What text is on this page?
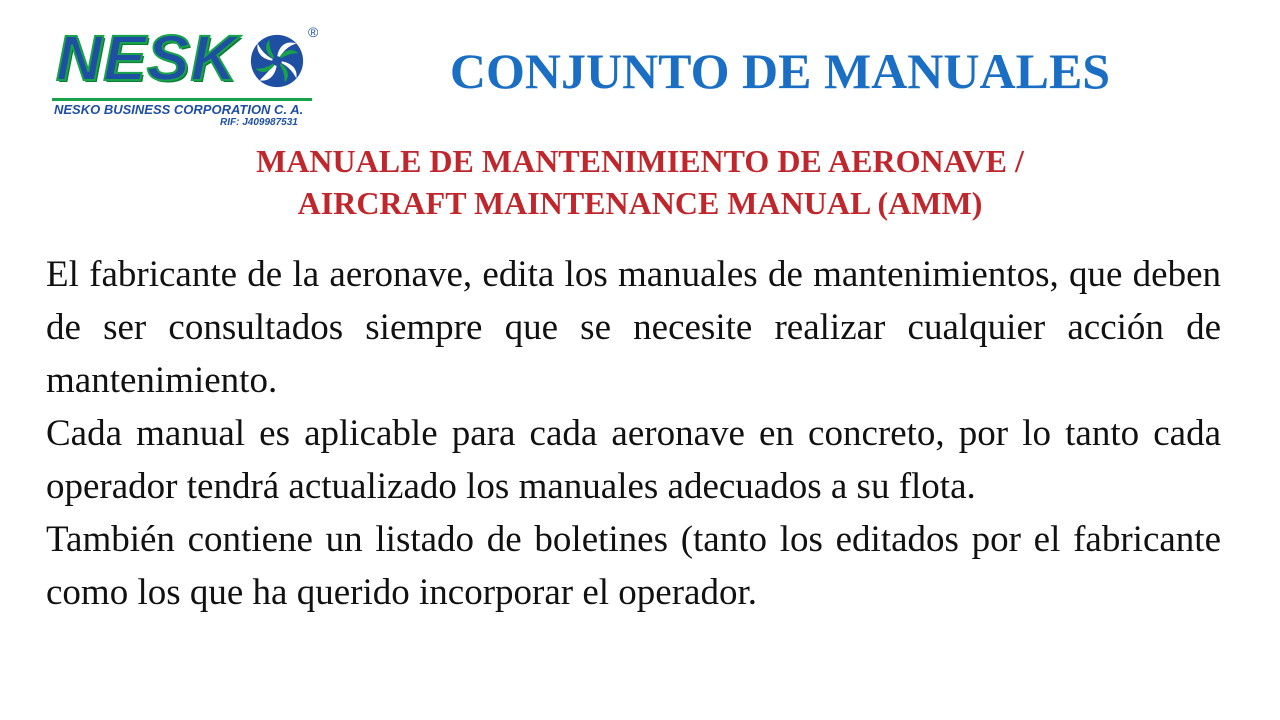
NESK	®
NESKO BUSINESS CORPORATION C. A.
RIF: J409987531
CONJUNTO DE MANUALES
MANUALE DE MANTENIMIENTO DE AERONAVE /
AIRCRAFT MAINTENANCE MANUAL (AMM)

El fabricante de la aeronave, edita los manuales de mantenimientos, que deben de ser consultados siempre que se necesite realizar cualquier acción de mantenimiento.

Cada manual es aplicable para cada aeronave en concreto, por lo tanto cada operador tendrá actualizado los manuales adecuados a su flota.

También contiene un listado de boletines (tanto los editados por el fabricante como los que ha querido incorporar el operador.
